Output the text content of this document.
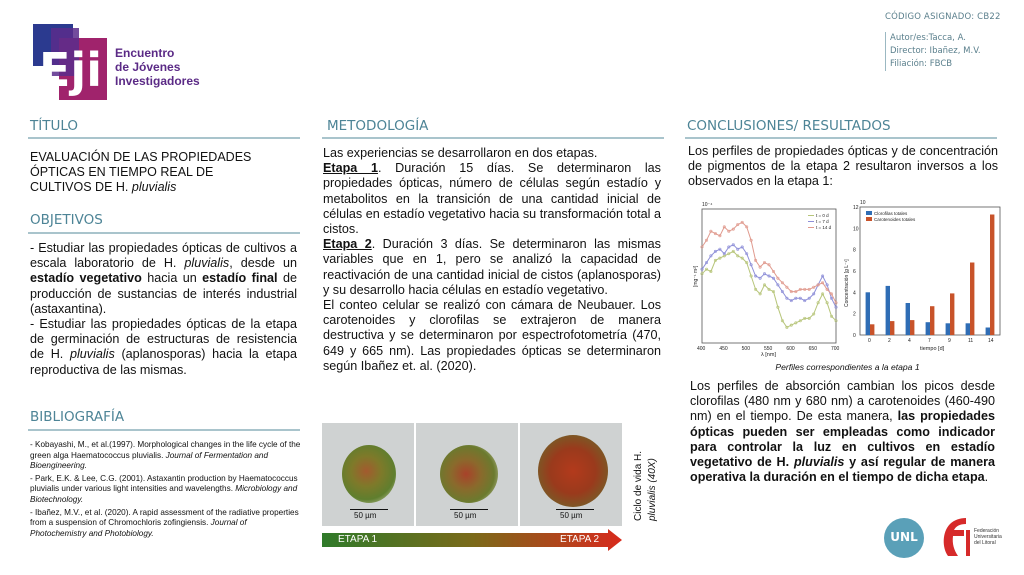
Eji Encuentro
de Jóvenes
Investigadores
CÓDIGO ASIGNADO: CB22
Autor/es:Tacca, A.
Director: Ibañez, M.V.
Filiación: FBCB
TÍTULO
EVALUACIÓN DE LAS PROPIEDADES ÓPTICAS EN TIEMPO REAL DE CULTIVOS DE H. pluvialis
OBJETIVOS
- Estudiar las propiedades ópticas de cultivos a escala laboratorio de H. pluvialis, desde un estadío vegetativo hacia un estadío final de producción de sustancias de interés industrial (astaxantina).
- Estudiar las propiedades ópticas de la etapa de germinación de estructuras de resistencia de H. pluvialis (aplanosporas) hacia la etapa reproductiva de las mismas.
BIBLIOGRAFÍA

- Kobayashi, M., et al.(1997). Morphological changes in the life cycle of the green alga Haematococcus pluvialis. Journal of Fermentation and Bioengineering.

- Park, E.K. & Lee, C.G. (2001). Astaxantin production by Haematococcus pluvialis under various light intensities and wavelengths. Microbiology and Biotechnology.

- Ibañez, M.V., et al. (2020). A rapid assessment of the radiative properties from a suspension of Chromochloris zofingiensis. Journal of Photochemistry and Photobiology.

METODOLOGÍA
Las experiencias se desarrollaron en dos etapas.
Etapa 1. Duración 15 días. Se determinaron las propiedades ópticas, número de células según estadío y metabolitos en la transición de una cantidad inicial de células en estadío vegetativo hacia su transformación total a cistos.
Etapa 2. Duración 3 días. Se determinaron las mismas variables que en 1, pero se analizó la capacidad de reactivación de una cantidad inicial de cistos (aplanosporas) y su desarrollo hacia células en estadío vegetativo.
El conteo celular se realizó con cámara de Neubauer. Los carotenoides y clorofilas se extrajeron de manera destructiva y se determinaron por espectrofotometría (470, 649 y 665 nm). Las propiedades ópticas se determinaron según Ibañez et. al. (2020).
50 µm	50 µm	50 µm
ETAPA 1	ETAPA 2
Ciclo de vida H. pluvialis (40X)
CONCLUSIONES/ RESULTADOS
Los perfiles de propiedades ópticas y de concentración de pigmentos de la etapa 2 resultaron inversos a los observados en la etapa 1:
10⁻⁴
400	450	500	550	600	650	700
λ [nm]
[mg⁻¹ m²]
t = 0 d
t = 7 d
t = 14 d
10
0
2
4
6
8
10
12
Concentración [g L⁻¹]
0	2	4	7	9	11	14
tiempo [d]
Clorofilas totales
Carotenoides totales
Perfiles correspondientes a la etapa 1
Los perfiles de absorción cambian los picos desde clorofilas (480 nm y 680 nm) a carotenoides (460-490 nm) en el tiempo. De esta manera, las propiedades ópticas pueden ser empleadas como indicador para controlar la luz en cultivos en estadío vegetativo de H. pluvialis y así regular de manera operativa la duración en el tiempo de dicha etapa.
UNL	Federación
Universitaria
del Litoral
